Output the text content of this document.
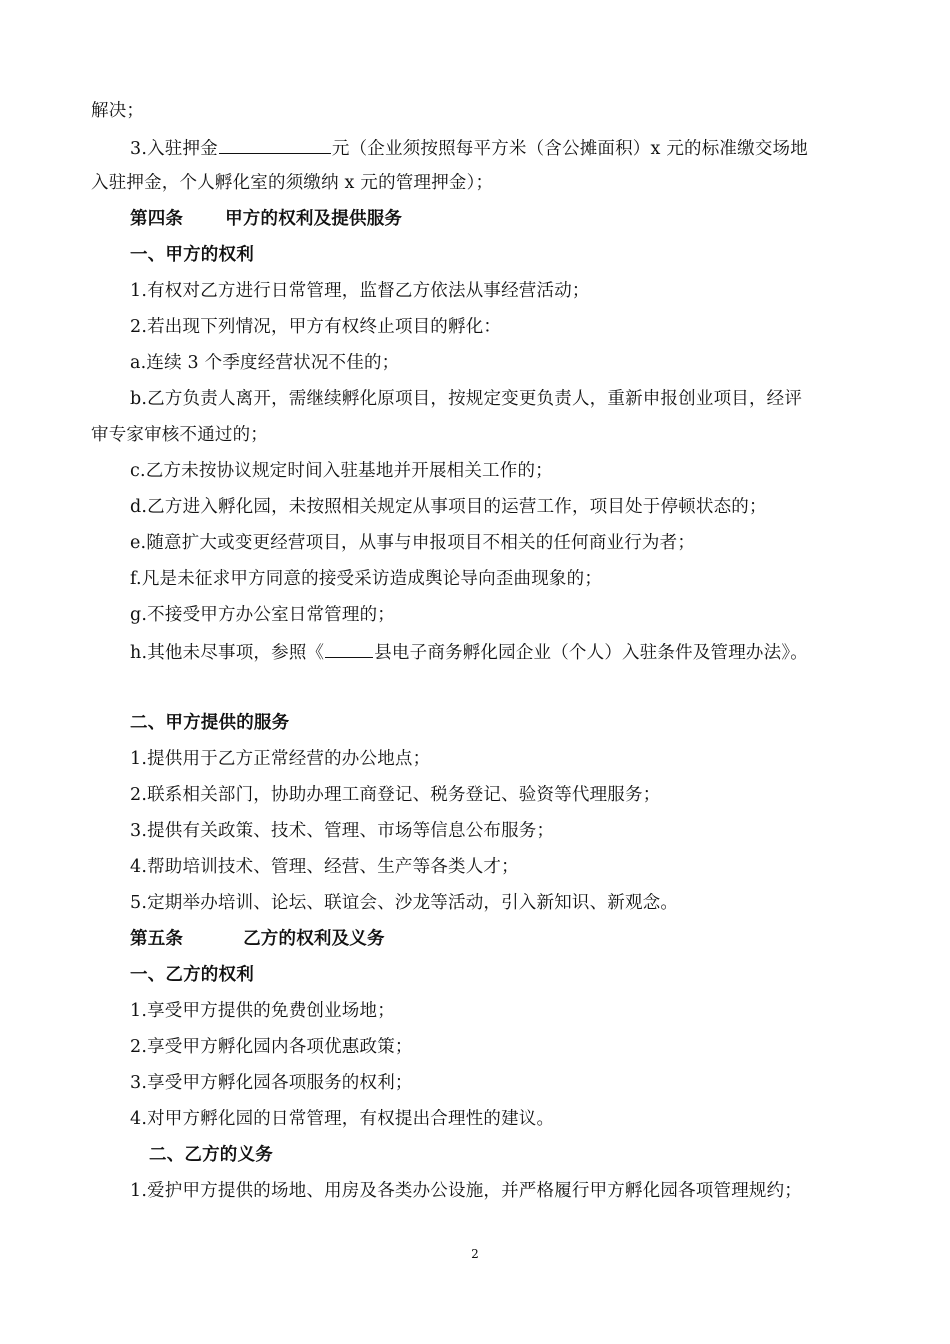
解决；
3.入驻押金	元（企业须按照每平方米（含公摊面积）x 元的标准缴交场地
入驻押金，个人孵化室的须缴纳 x 元的管理押金）；
第四条 甲方的权利及提供服务
一、甲方的权利
1.有权对乙方进行日常管理，监督乙方依法从事经营活动；
2.若出现下列情况，甲方有权终止项目的孵化：
a.连续 3 个季度经营状况不佳的；
b.乙方负责人离开，需继续孵化原项目，按规定变更负责人，重新申报创业项目，经评
审专家审核不通过的；
c.乙方未按协议规定时间入驻基地并开展相关工作的；
d.乙方进入孵化园，未按照相关规定从事项目的运营工作，项目处于停顿状态的；
e.随意扩大或变更经营项目，从事与申报项目不相关的任何商业行为者；
f.凡是未征求甲方同意的接受采访造成舆论导向歪曲现象的；
g.不接受甲方办公室日常管理的；
h.其他未尽事项，参照《	县电子商务孵化园企业（个人）入驻条件及管理办法》。
二、甲方提供的服务
1.提供用于乙方正常经营的办公地点；
2.联系相关部门，协助办理工商登记、税务登记、验资等代理服务；
3.提供有关政策、技术、管理、市场等信息公布服务；
4.帮助培训技术、管理、经营、生产等各类人才；
5.定期举办培训、论坛、联谊会、沙龙等活动，引入新知识、新观念。
第五条	乙方的权利及义务
一、乙方的权利
1.享受甲方提供的免费创业场地；
2.享受甲方孵化园内各项优惠政策；
3.享受甲方孵化园各项服务的权利；
4.对甲方孵化园的日常管理，有权提出合理性的建议。
二、乙方的义务
1.爱护甲方提供的场地、用房及各类办公设施，并严格履行甲方孵化园各项管理规约；
2
